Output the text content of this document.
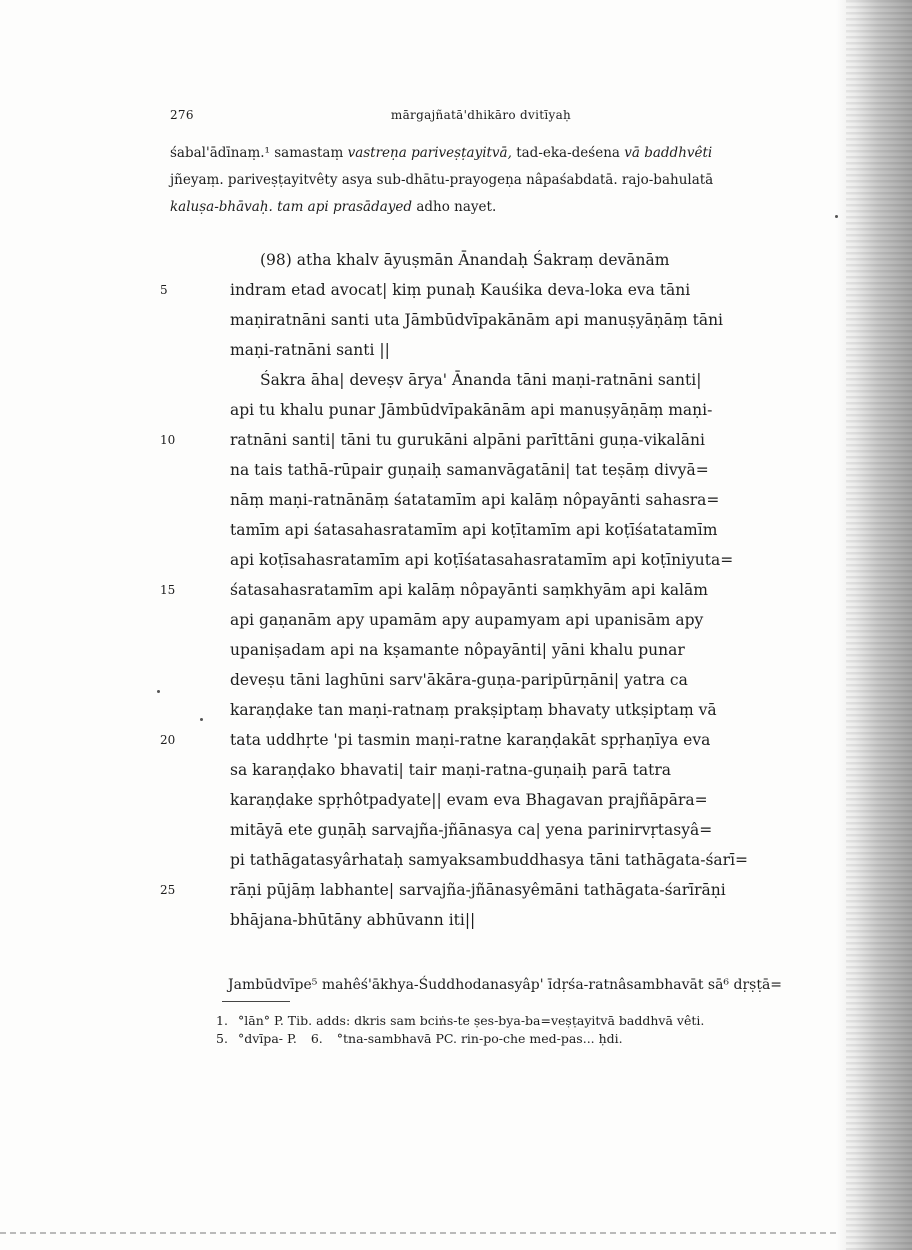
276	mārgajñatā'dhikāro dvitīyaḥ
śabal'ādīnaṃ.¹ samastaṃ vastreṇa pariveṣṭayitvā, tad-eka-deśena vā baddhvêti
jñeyaṃ. pariveṣṭayitvêty asya sub-dhātu-prayogeṇa nâpaśabdatā. rajo-bahulatā
kaluṣa-bhāvaḥ. tam api prasādayed adho nayet.
(98) atha khalv āyuṣmān Ānandaḥ Śakraṃ devānām
5	indram etad avocat| kiṃ punaḥ Kauśika deva-loka eva tāni
maṇiratnāni santi uta Jāmbūdvīpakānām api manuṣyāṇāṃ tāni
maṇi-ratnāni santi ||
Śakra āha| deveṣv ārya' Ānanda tāni maṇi-ratnāni santi|
api tu khalu punar Jāmbūdvīpakānām api manuṣyāṇāṃ maṇi-
10	ratnāni santi| tāni tu gurukāni alpāni parīttāni guṇa-vikalāni
na tais tathā-rūpair guṇaiḥ samanvāgatāni| tat teṣāṃ divyā=
nāṃ maṇi-ratnānāṃ śatatamīm api kalāṃ nôpayānti sahasra=
tamīm api śatasahasratamīm api koṭītamīm api koṭīśatatamīm
api koṭīsahasratamīm api koṭīśatasahasratamīm api koṭīniyuta=
15	śatasahasratamīm api kalāṃ nôpayānti saṃkhyām api kalām
api gaṇanām apy upamām apy aupamyam api upanisām apy
upaniṣadam api na kṣamante nôpayānti| yāni khalu punar
deveṣu tāni laghūni sarv'ākāra-guṇa-paripūrṇāni| yatra ca
karaṇḍake tan maṇi-ratnaṃ prakṣiptaṃ bhavaty utkṣiptaṃ vā
20	tata uddhṛte 'pi tasmin maṇi-ratne karaṇḍakāt spṛhaṇīya eva
sa karaṇḍako bhavati| tair maṇi-ratna-guṇaiḥ parā tatra
karaṇḍake spṛhôtpadyate|| evam eva Bhagavan prajñāpāra=
mitāyā ete guṇāḥ sarvajña-jñānasya ca| yena parinirvṛtasyâ=
pi tathāgatasyârhataḥ samyaksambuddhasya tāni tathāgata-śarī=
25	rāṇi pūjāṃ labhante| sarvajña-jñānasyêmāni tathāgata-śarīrāṇi
bhājana-bhūtāny abhūvann iti||
Jambūdvīpe⁵ mahêś'ākhya-Śuddhodanasyâp' īdṛśa-ratnâsambhavāt sā⁶ dṛṣṭā=
1. °lān° P. Tib. adds: dkris sam bciṅs-te ṣes-bya-ba=veṣṭayitvā baddhvā vêti.
5. °dvīpa- P. 6. °tna-sambhavā PC. rin-po-che med-pas... ḥdi.
